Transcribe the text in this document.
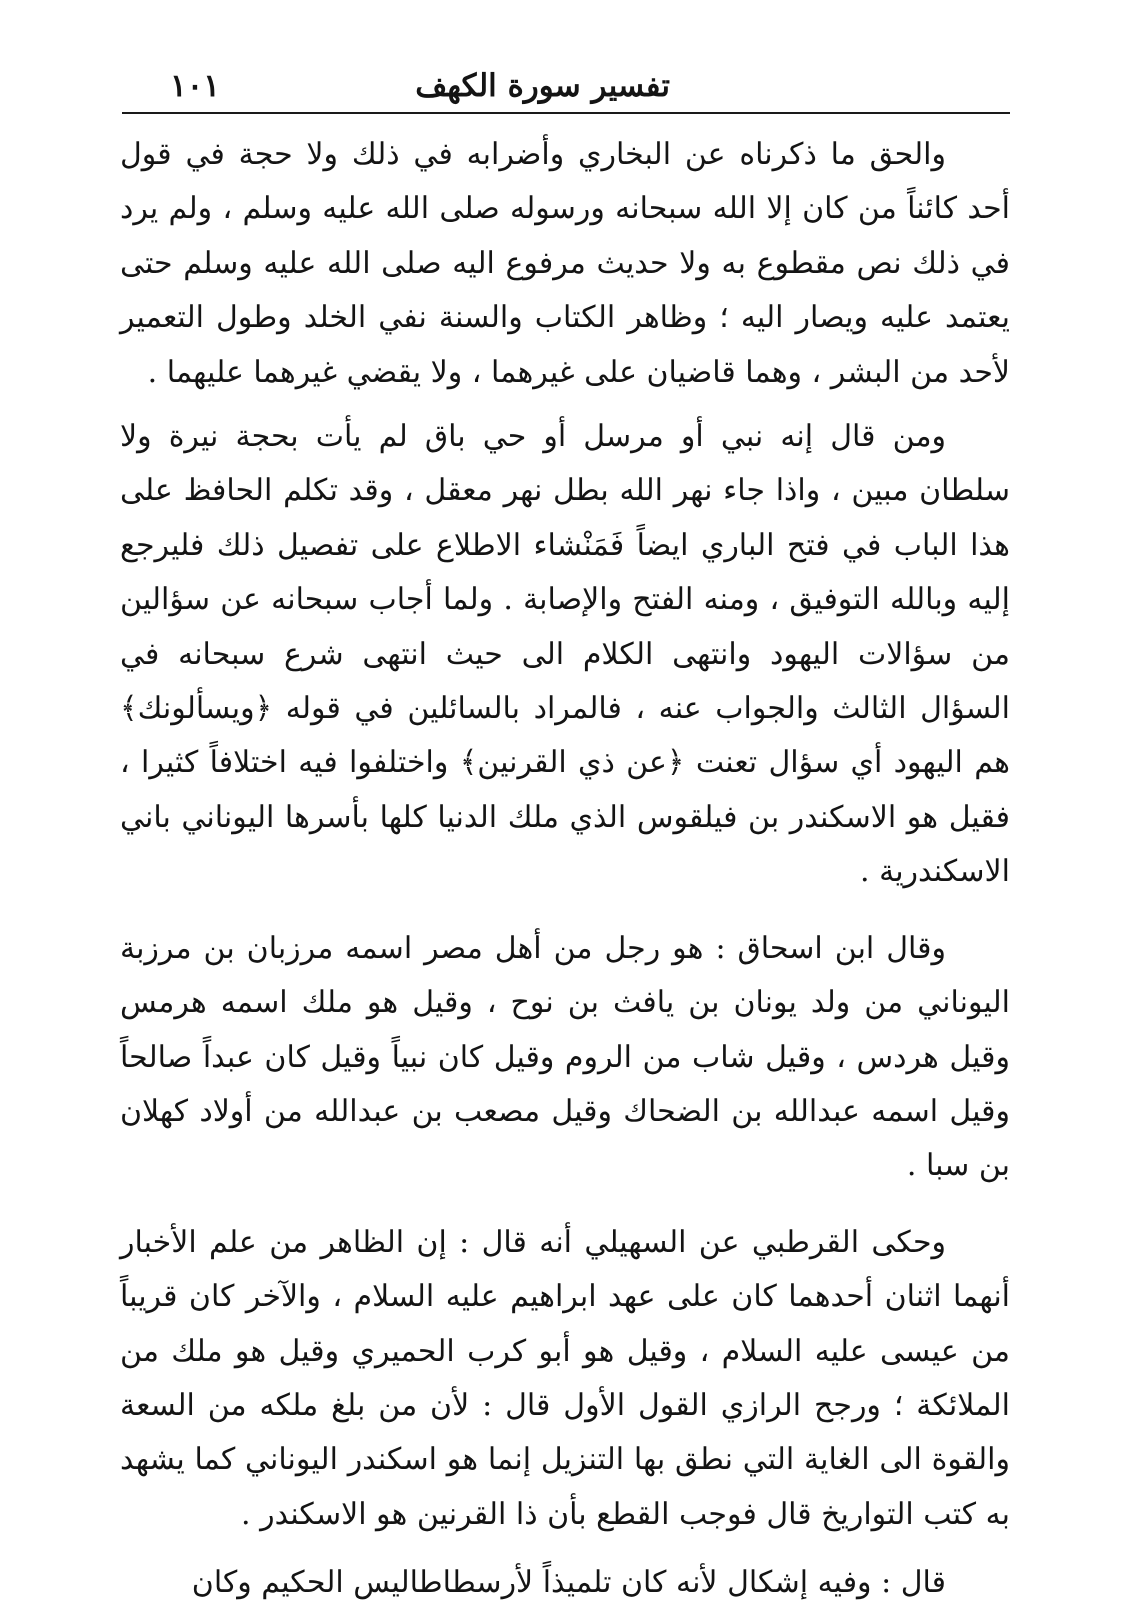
تفسير سورة الكهف
١٠١

والحق ما ذكرناه عن البخاري وأضرابه في ذلك ولا حجة في قول أحد كائناً من كان إلا الله سبحانه ورسوله صلى الله عليه وسلم ، ولم يرد في ذلك نص مقطوع به ولا حديث مرفوع اليه صلى الله عليه وسلم حتى يعتمد عليه ويصار اليه ؛ وظاهر الكتاب والسنة نفي الخلد وطول التعمير لأحد من البشر ، وهما قاضيان على غيرهما ، ولا يقضي غيرهما عليهما .

ومن قال إنه نبي أو مرسل أو حي باق لم يأت بحجة نيرة ولا سلطان مبين ، واذا جاء نهر الله بطل نهر معقل ، وقد تكلم الحافظ على هذا الباب في فتح الباري ايضاً فَمَنْشاء الاطلاع على تفصيل ذلك فليرجع إليه وبالله التوفيق ، ومنه الفتح والإصابة . ولما أجاب سبحانه عن سؤالين من سؤالات اليهود وانتهى الكلام الى حيث انتهى شرع سبحانه في السؤال الثالث والجواب عنه ، فالمراد بالسائلين في قوله ﴿ويسألونك﴾ هم اليهود أي سؤال تعنت ﴿عن ذي القرنين﴾ واختلفوا فيه اختلافاً كثيرا ، فقيل هو الاسكندر بن فيلقوس الذي ملك الدنيا كلها بأسرها اليوناني باني الاسكندرية .

وقال ابن اسحاق : هو رجل من أهل مصر اسمه مرزبان بن مرزبة اليوناني من ولد يونان بن يافث بن نوح ، وقيل هو ملك اسمه هرمس وقيل هردس ، وقيل شاب من الروم وقيل كان نبياً وقيل كان عبداً صالحاً وقيل اسمه عبدالله بن الضحاك وقيل مصعب بن عبدالله من أولاد كهلان بن سبا .

وحكى القرطبي عن السهيلي أنه قال : إن الظاهر من علم الأخبار أنهما اثنان أحدهما كان على عهد ابراهيم عليه السلام ، والآخر كان قريباً من عيسى عليه السلام ، وقيل هو أبو كرب الحميري وقيل هو ملك من الملائكة ؛ ورجح الرازي القول الأول قال : لأن من بلغ ملكه من السعة والقوة الى الغاية التي نطق بها التنزيل إنما هو اسكندر اليوناني كما يشهد به كتب التواريخ قال فوجب القطع بأن ذا القرنين هو الاسكندر .

قال : وفيه إشكال لأنه كان تلميذاً لأرسطاطاليس الحكيم وكان
